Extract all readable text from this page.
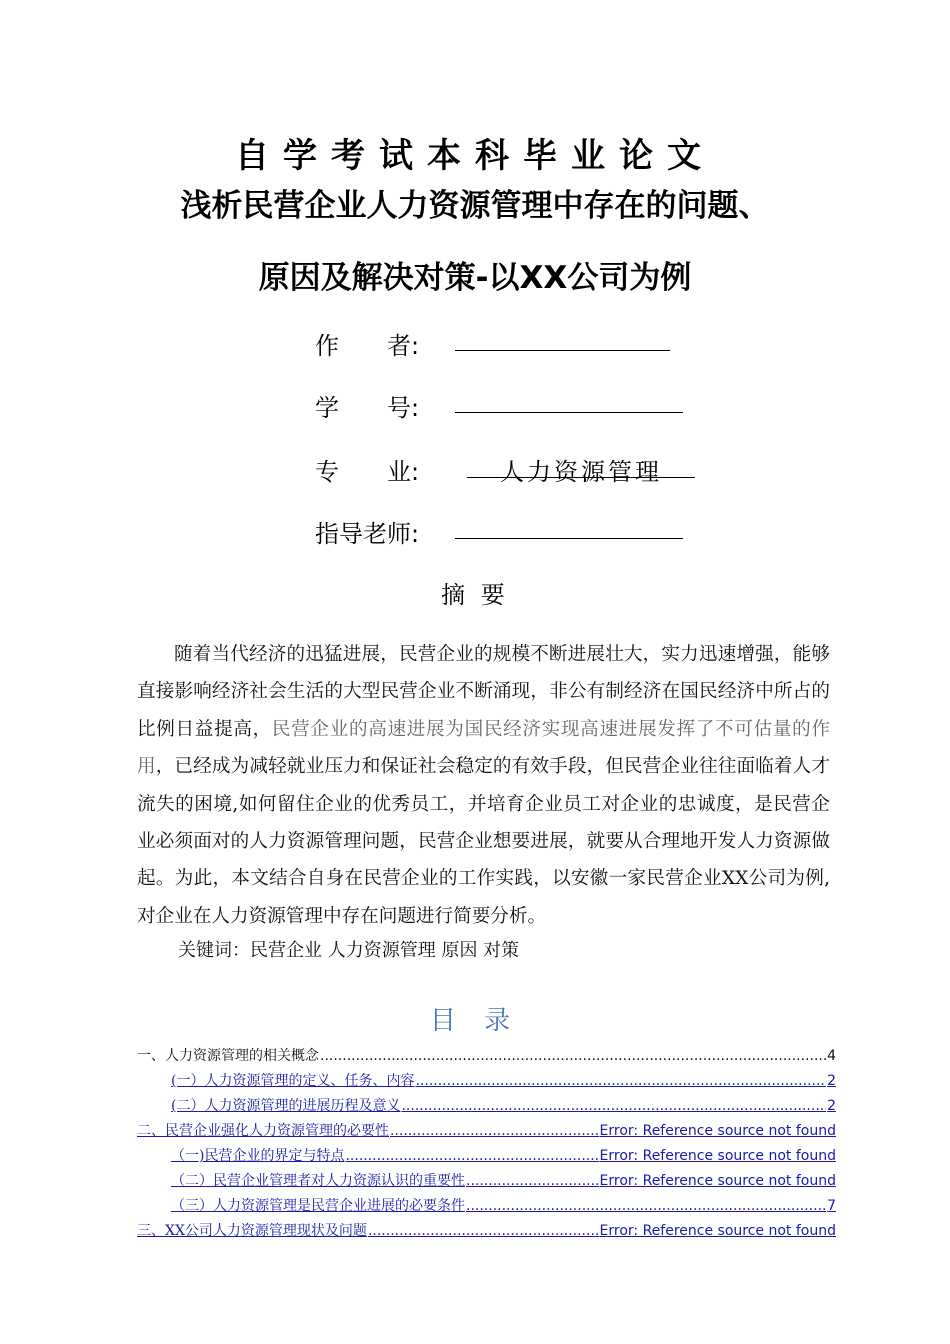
自学考试本科毕业论文
浅析民营企业人力资源管理中存在的问题、
原因及解决对策-以XX公司为例
作　　者:
学　　号:
专　　业:	人力资源管理
指导老师:
摘 要

随着当代经济的迅猛进展，民营企业的规模不断进展壮大，实力迅速增强，能够直接影响经济社会生活的大型民营企业不断涌现，非公有制经济在国民经济中所占的比例日益提高，民营企业的高速进展为国民经济实现高速进展发挥了不可估量的作用，已经成为减轻就业压力和保证社会稳定的有效手段，但民营企业往往面临着人才流失的困境,如何留住企业的优秀员工，并培育企业员工对企业的忠诚度，是民营企业必须面对的人力资源管理问题，民营企业想要进展，就要从合理地开发人力资源做起。为此，本文结合自身在民营企业的工作实践，以安徽一家民营企业XX公司为例,对企业在人力资源管理中存在问题进行简要分析。

关键词：民营企业 人力资源管理 原因 对策
目 录
一、人力资源管理的相关概念 .....	4
(一）人力资源管理的定义、任务、内容 .....	2
(二）人力资源管理的进展历程及意义 .....	2
二、民营企业强化人力资源管理的必要性 .....	Error: Reference source not found
（一)民营企业的界定与特点 .....	Error: Reference source not found
（二）民营企业管理者对人力资源认识的重要性 .....	Error: Reference source not found
（三）人力资源管理是民营企业进展的必要条件 .....	7
三、XX公司人力资源管理现状及问题 .....	Error: Reference source not found
